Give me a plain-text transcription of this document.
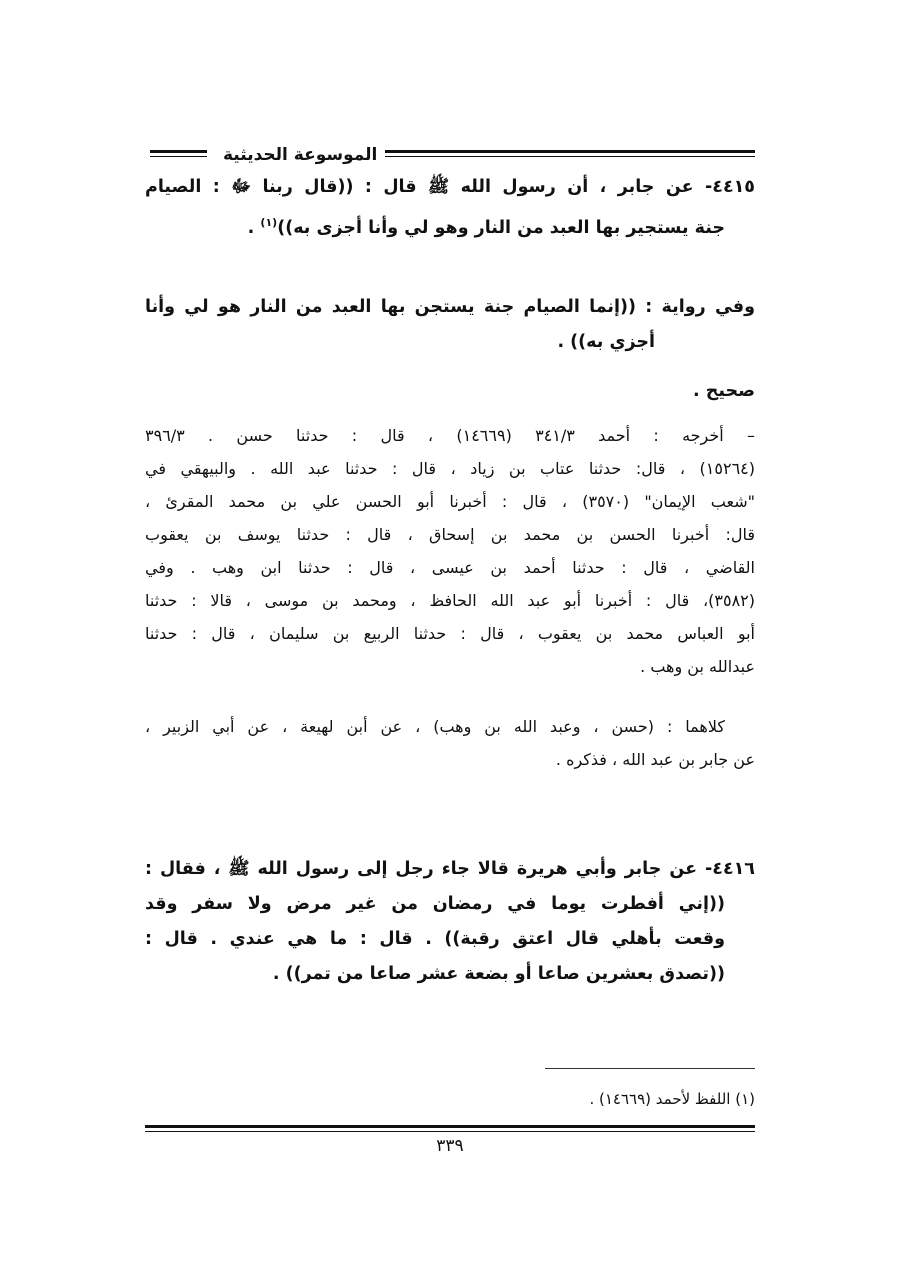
الموسوعة الحديثية
٤٤١٥- عن جابر ، أن رسول الله ﷺ قال : ((قال ربنا ﷻ : الصيام
جنة يستجير بها العبد من النار وهو لي وأنا أجزى به))$^{(١)}$ .
وفي رواية : ((إنما الصيام جنة يستجن بها العبد من النار هو لي وأنا
أجزي به)) .
صحيح .
– أخرجه : أحمد ٣٤١/٣ (١٤٦٦٩) ، قال : حدثنا حسن . ٣٩٦/٣
(١٥٢٦٤) ، قال: حدثنا عتاب بن زياد ، قال : حدثنا عبد الله . والبيهقي في
"شعب الإيمان" (٣٥٧٠) ، قال : أخبرنا أبو الحسن علي بن محمد المقرئ ،
قال: أخبرنا الحسن بن محمد بن إسحاق ، قال : حدثنا يوسف بن يعقوب
القاضي ، قال : حدثنا أحمد بن عيسى ، قال : حدثنا ابن وهب . وفي
(٣٥٨٢)، قال : أخبرنا أبو عبد الله الحافظ ، ومحمد بن موسى ، قالا : حدثنا
أبو العباس محمد بن يعقوب ، قال : حدثنا الربيع بن سليمان ، قال : حدثنا
عبدالله بن وهب .
كلاهما : (حسن ، وعبد الله بن وهب) ، عن أبن لهيعة ، عن أبي الزبير ،
عن جابر بن عبد الله ، فذكره .
٤٤١٦- عن جابر وأبي هريرة قالا جاء رجل إلى رسول الله ﷺ ، فقال :
((إني أفطرت يوما في رمضان من غير مرض ولا سفر وقد
وقعت بأهلي قال اعتق رقبة)) . قال : ما هي عندي . قال :
((تصدق بعشرين صاعا أو بضعة عشر صاعا من تمر)) .
(١) اللفظ لأحمد (١٤٦٦٩) .
٣٣٩
